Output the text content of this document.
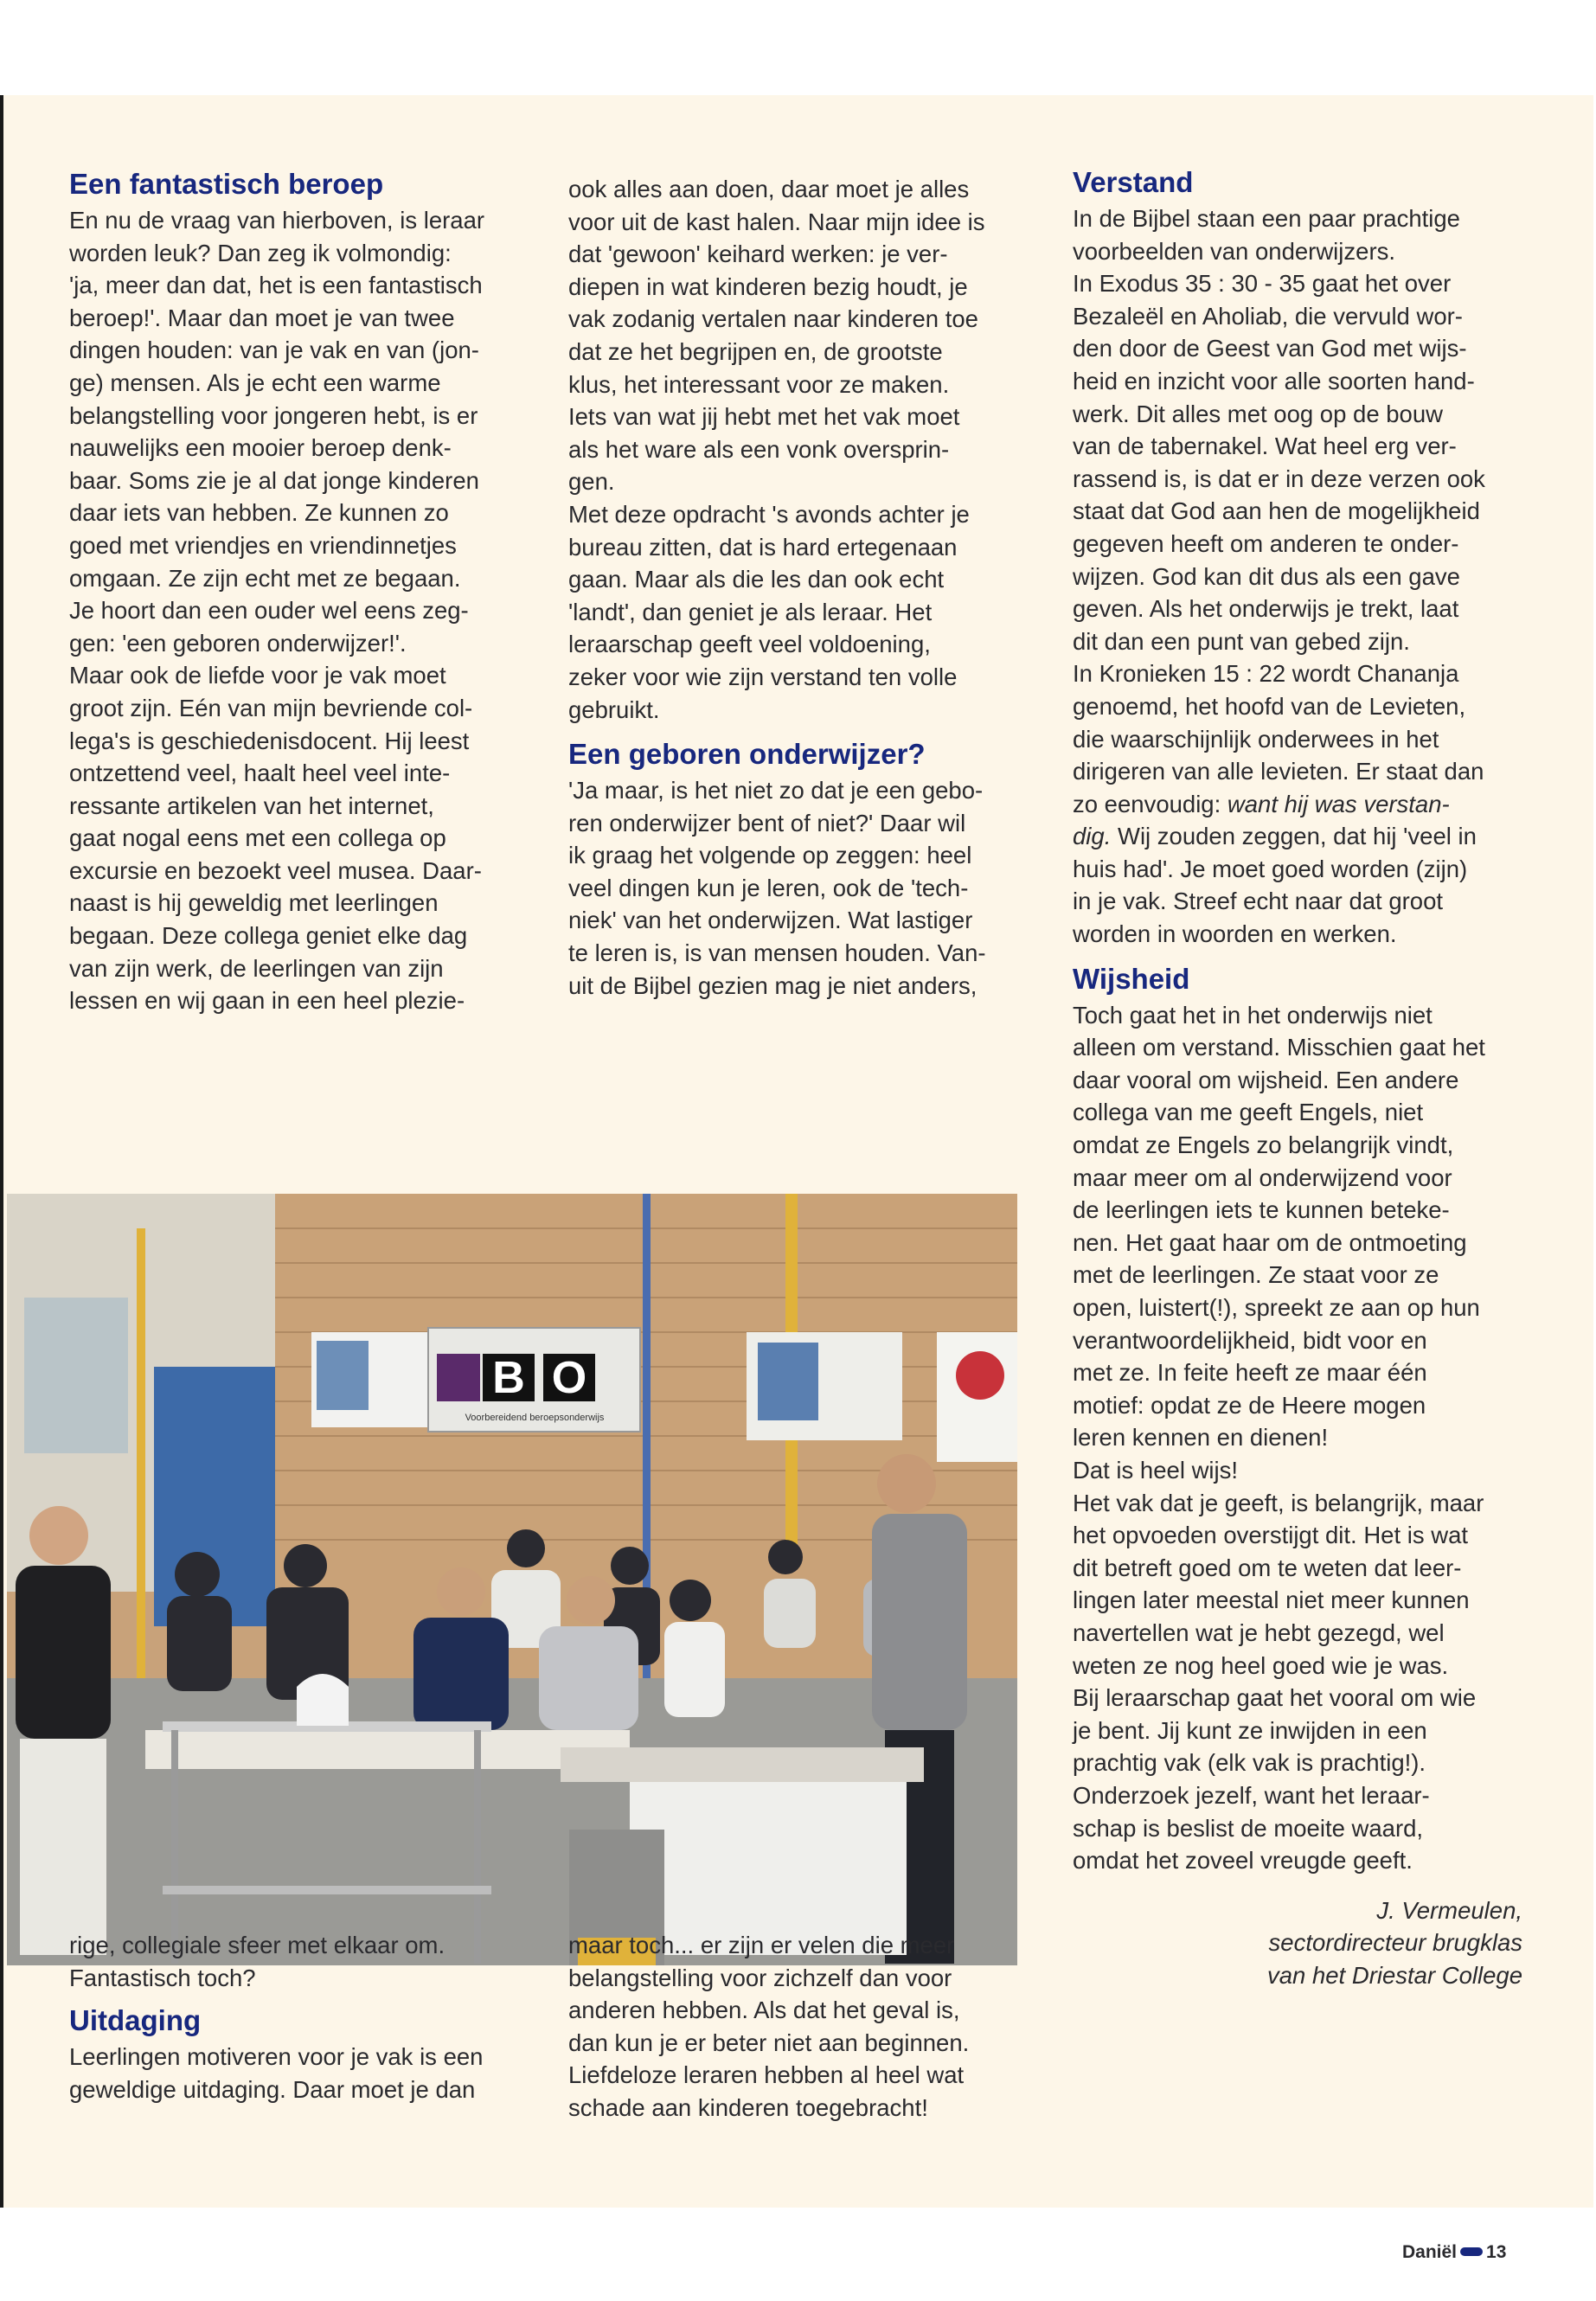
Een fantastisch beroep

En nu de vraag van hierboven, is leraar

worden leuk? Dan zeg ik volmondig:

'ja, meer dan dat, het is een fantastisch

beroep!'. Maar dan moet je van twee

dingen houden: van je vak en van (jon-

ge) mensen. Als je echt een warme

belangstelling voor jongeren hebt, is er

nauwelijks een mooier beroep denk-

baar. Soms zie je al dat jonge kinderen

daar iets van hebben. Ze kunnen zo

goed met vriendjes en vriendinnetjes

omgaan. Ze zijn echt met ze begaan.

Je hoort dan een ouder wel eens zeg-

gen: 'een geboren onderwijzer!'.

Maar ook de liefde voor je vak moet

groot zijn. Eén van mijn bevriende col-

lega's is geschiedenisdocent. Hij leest

ontzettend veel, haalt heel veel inte-

ressante artikelen van het internet,

gaat nogal eens met een collega op

excursie en bezoekt veel musea. Daar-

naast is hij geweldig met leerlingen

begaan. Deze collega geniet elke dag

van zijn werk, de leerlingen van zijn

lessen en wij gaan in een heel plezie-

ook alles aan doen, daar moet je alles

voor uit de kast halen. Naar mijn idee is

dat 'gewoon' keihard werken: je ver-

diepen in wat kinderen bezig houdt, je

vak zodanig vertalen naar kinderen toe

dat ze het begrijpen en, de grootste

klus, het interessant voor ze maken.

Iets van wat jij hebt met het vak moet

als het ware als een vonk oversprin-

gen.

Met deze opdracht 's avonds achter je

bureau zitten, dat is hard ertegenaan

gaan. Maar als die les dan ook echt

'landt', dan geniet je als leraar. Het

leraarschap geeft veel voldoening,

zeker voor wie zijn verstand ten volle

gebruikt.

Een geboren onderwijzer?

'Ja maar, is het niet zo dat je een gebo-

ren onderwijzer bent of niet?' Daar wil

ik graag het volgende op zeggen: heel

veel dingen kun je leren, ook de 'tech-

niek' van het onderwijzen. Wat lastiger

te leren is, is van mensen houden. Van-

uit de Bijbel gezien mag je niet anders,

Verstand

In de Bijbel staan een paar prachtige

voorbeelden van onderwijzers.

In Exodus 35 : 30 - 35 gaat het over

Bezaleël en Aholiab, die vervuld wor-

den door de Geest van God met wijs-

heid en inzicht voor alle soorten hand-

werk. Dit alles met oog op de bouw

van de tabernakel. Wat heel erg ver-

rassend is, is dat er in deze verzen ook

staat dat God aan hen de mogelijkheid

gegeven heeft om anderen te onder-

wijzen. God kan dit dus als een gave

geven. Als het onderwijs je trekt, laat

dit dan een punt van gebed zijn.

In Kronieken 15 : 22 wordt Chananja

genoemd, het hoofd van de Levieten,

die waarschijnlijk onderwees in het

dirigeren van alle levieten. Er staat dan

zo eenvoudig: want hij was verstan-

dig. Wij zouden zeggen, dat hij 'veel in

huis had'. Je moet goed worden (zijn)

in je vak. Streef echt naar dat groot

worden in woorden en werken.

Wijsheid

Toch gaat het in het onderwijs niet

alleen om verstand. Misschien gaat het

daar vooral om wijsheid. Een andere

collega van me geeft Engels, niet

omdat ze Engels zo belangrijk vindt,

maar meer om al onderwijzend voor

de leerlingen iets te kunnen beteke-

nen. Het gaat haar om de ontmoeting

met de leerlingen. Ze staat voor ze

open, luistert(!), spreekt ze aan op hun

verantwoordelijkheid, bidt voor en

met ze. In feite heeft ze maar één

motief: opdat ze de Heere mogen

leren kennen en dienen!

Dat is heel wijs!

Het vak dat je geeft, is belangrijk, maar

het opvoeden overstijgt dit. Het is wat

dit betreft goed om te weten dat leer-

lingen later meestal niet meer kunnen

navertellen wat je hebt gezegd, wel

weten ze nog heel goed wie je was.

Bij leraarschap gaat het vooral om wie

je bent. Jij kunt ze inwijden in een

prachtig vak (elk vak is prachtig!).

Onderzoek jezelf, want het leraar-

schap is beslist de moeite waard,

omdat het zoveel vreugde geeft.

J. Vermeulen,

sectordirecteur brugklas

van het Driestar College

B O
Voorbereidend beroepsonderwijs

rige, collegiale sfeer met elkaar om.

Fantastisch toch?

Uitdaging

Leerlingen motiveren voor je vak is een

geweldige uitdaging. Daar moet je dan

maar toch... er zijn er velen die meer

belangstelling voor zichzelf dan voor

anderen hebben. Als dat het geval is,

dan kun je er beter niet aan beginnen.

Liefdeloze leraren hebben al heel wat

schade aan kinderen toegebracht!

Daniël 13
